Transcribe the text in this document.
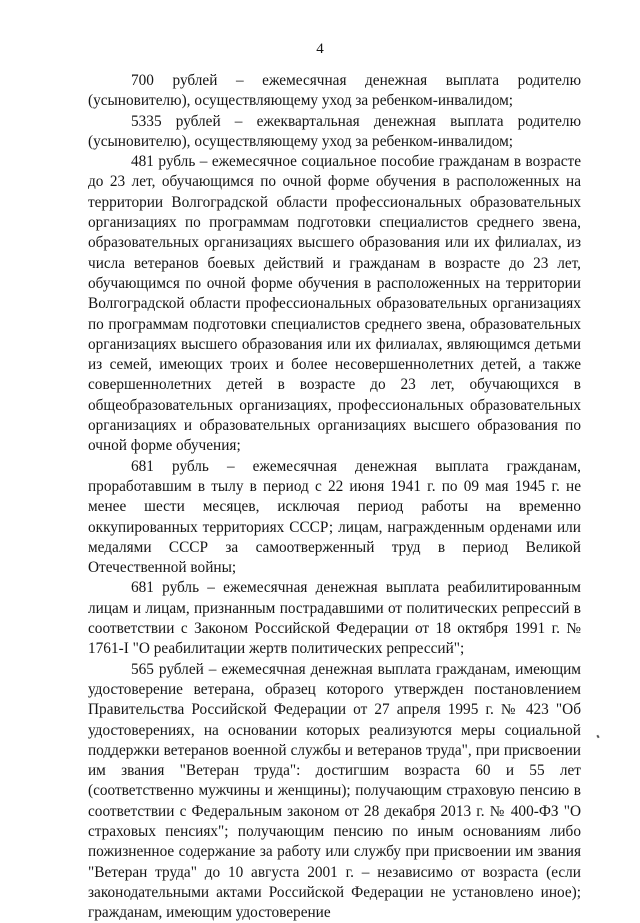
4

700 рублей – ежемесячная денежная выплата родителю (усыновителю), осуществляющему уход за ребенком-инвалидом;

5335 рублей – ежеквартальная денежная выплата родителю (усыновителю), осуществляющему уход за ребенком-инвалидом;

481 рубль – ежемесячное социальное пособие гражданам в возрасте до 23 лет, обучающимся по очной форме обучения в расположенных на территории Волгоградской области профессиональных образовательных организациях по программам подготовки специалистов среднего звена, образовательных организациях высшего образования или их филиалах, из числа ветеранов боевых действий и гражданам в возрасте до 23 лет, обучающимся по очной форме обучения в расположенных на территории Волгоградской области профессиональных образовательных организациях по программам подготовки специалистов среднего звена, образовательных организациях высшего образования или их филиалах, являющимся детьми из семей, имеющих троих и более несовершеннолетних детей, а также совершеннолетних детей в возрасте до 23 лет, обучающихся в общеобразовательных организациях, профессиональных образовательных организациях и образовательных организациях высшего образования по очной форме обучения;

681 рубль – ежемесячная денежная выплата гражданам, проработавшим в тылу в период с 22 июня 1941 г. по 09 мая 1945 г. не менее шести месяцев, исключая период работы на временно оккупированных территориях СССР; лицам, награжденным орденами или медалями СССР за самоотверженный труд в период Великой Отечественной войны;

681 рубль – ежемесячная денежная выплата реабилитированным лицам и лицам, признанным пострадавшими от политических репрессий в соответствии с Законом Российской Федерации от 18 октября 1991 г. № 1761-I "О реабилитации жертв политических репрессий";

565 рублей – ежемесячная денежная выплата гражданам, имеющим удостоверение ветерана, образец которого утвержден постановлением Правительства Российской Федерации от 27 апреля 1995 г. № 423 "Об удостоверениях, на основании которых реализуются меры социальной поддержки ветеранов военной службы и ветеранов труда", при присвоении им звания "Ветеран труда": достигшим возраста 60 и 55 лет (соответственно мужчины и женщины); получающим страховую пенсию в соответствии с Федеральным законом от 28 декабря 2013 г. № 400-ФЗ "О страховых пенсиях"; получающим пенсию по иным основаниям либо пожизненное содержание за работу или службу при присвоении им звания "Ветеран труда" до 10 августа 2001 г. – независимо от возраста (если законодательными актами Российской Федерации не установлено иное); гражданам, имеющим удостоверение
